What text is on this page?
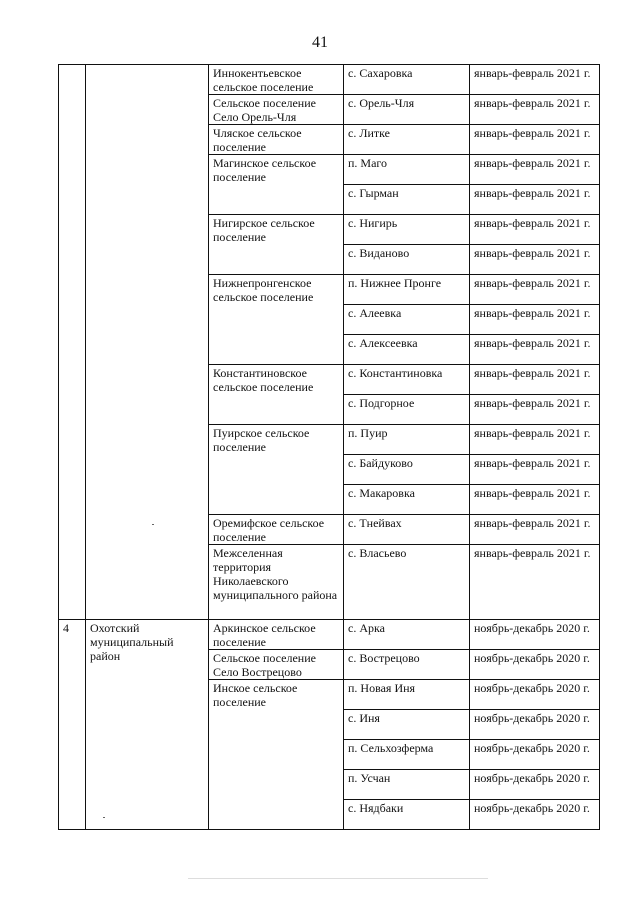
41
		Иннокентьевское сельское поселение	с. Сахаровка	январь-февраль 2021 г.
		Сельское поселение Село Орель-Чля	с. Орель-Чля	январь-февраль 2021 г.
		Чляское сельское поселение	с. Литке	январь-февраль 2021 г.
		Магинское сельское поселение	п. Маго	январь-февраль 2021 г.
			с. Гырман	январь-февраль 2021 г.
		Нигирское сельское поселение	с. Нигирь	январь-февраль 2021 г.
			с. Виданово	январь-февраль 2021 г.
		Нижнепронгенское сельское поселение	п. Нижнее Пронге	январь-февраль 2021 г.
			с. Алеевка	январь-февраль 2021 г.
			с. Алексеевка	январь-февраль 2021 г.
		Константиновское сельское поселение	с. Константиновка	январь-февраль 2021 г.
			с. Подгорное	январь-февраль 2021 г.
		Пуирское сельское поселение	п. Пуир	январь-февраль 2021 г.
			с. Байдуково	январь-февраль 2021 г.
			с. Макаровка	январь-февраль 2021 г.
		Оремифское сельское поселение	с. Тнейвах	январь-февраль 2021 г.
		Межселенная территория Николаевского муниципального района	с. Власьево	январь-февраль 2021 г.
4	Охотский муниципальный район	Аркинское сельское поселение	с. Арка	ноябрь-декабрь 2020 г.
		Сельское поселение Село Вострецово	с. Вострецово	ноябрь-декабрь 2020 г.
		Инское сельское поселение	п. Новая Иня	ноябрь-декабрь 2020 г.
			с. Иня	ноябрь-декабрь 2020 г.
			п. Сельхозферма	ноябрь-декабрь 2020 г.
			п. Усчан	ноябрь-декабрь 2020 г.
			с. Нядбаки	ноябрь-декабрь 2020 г.
